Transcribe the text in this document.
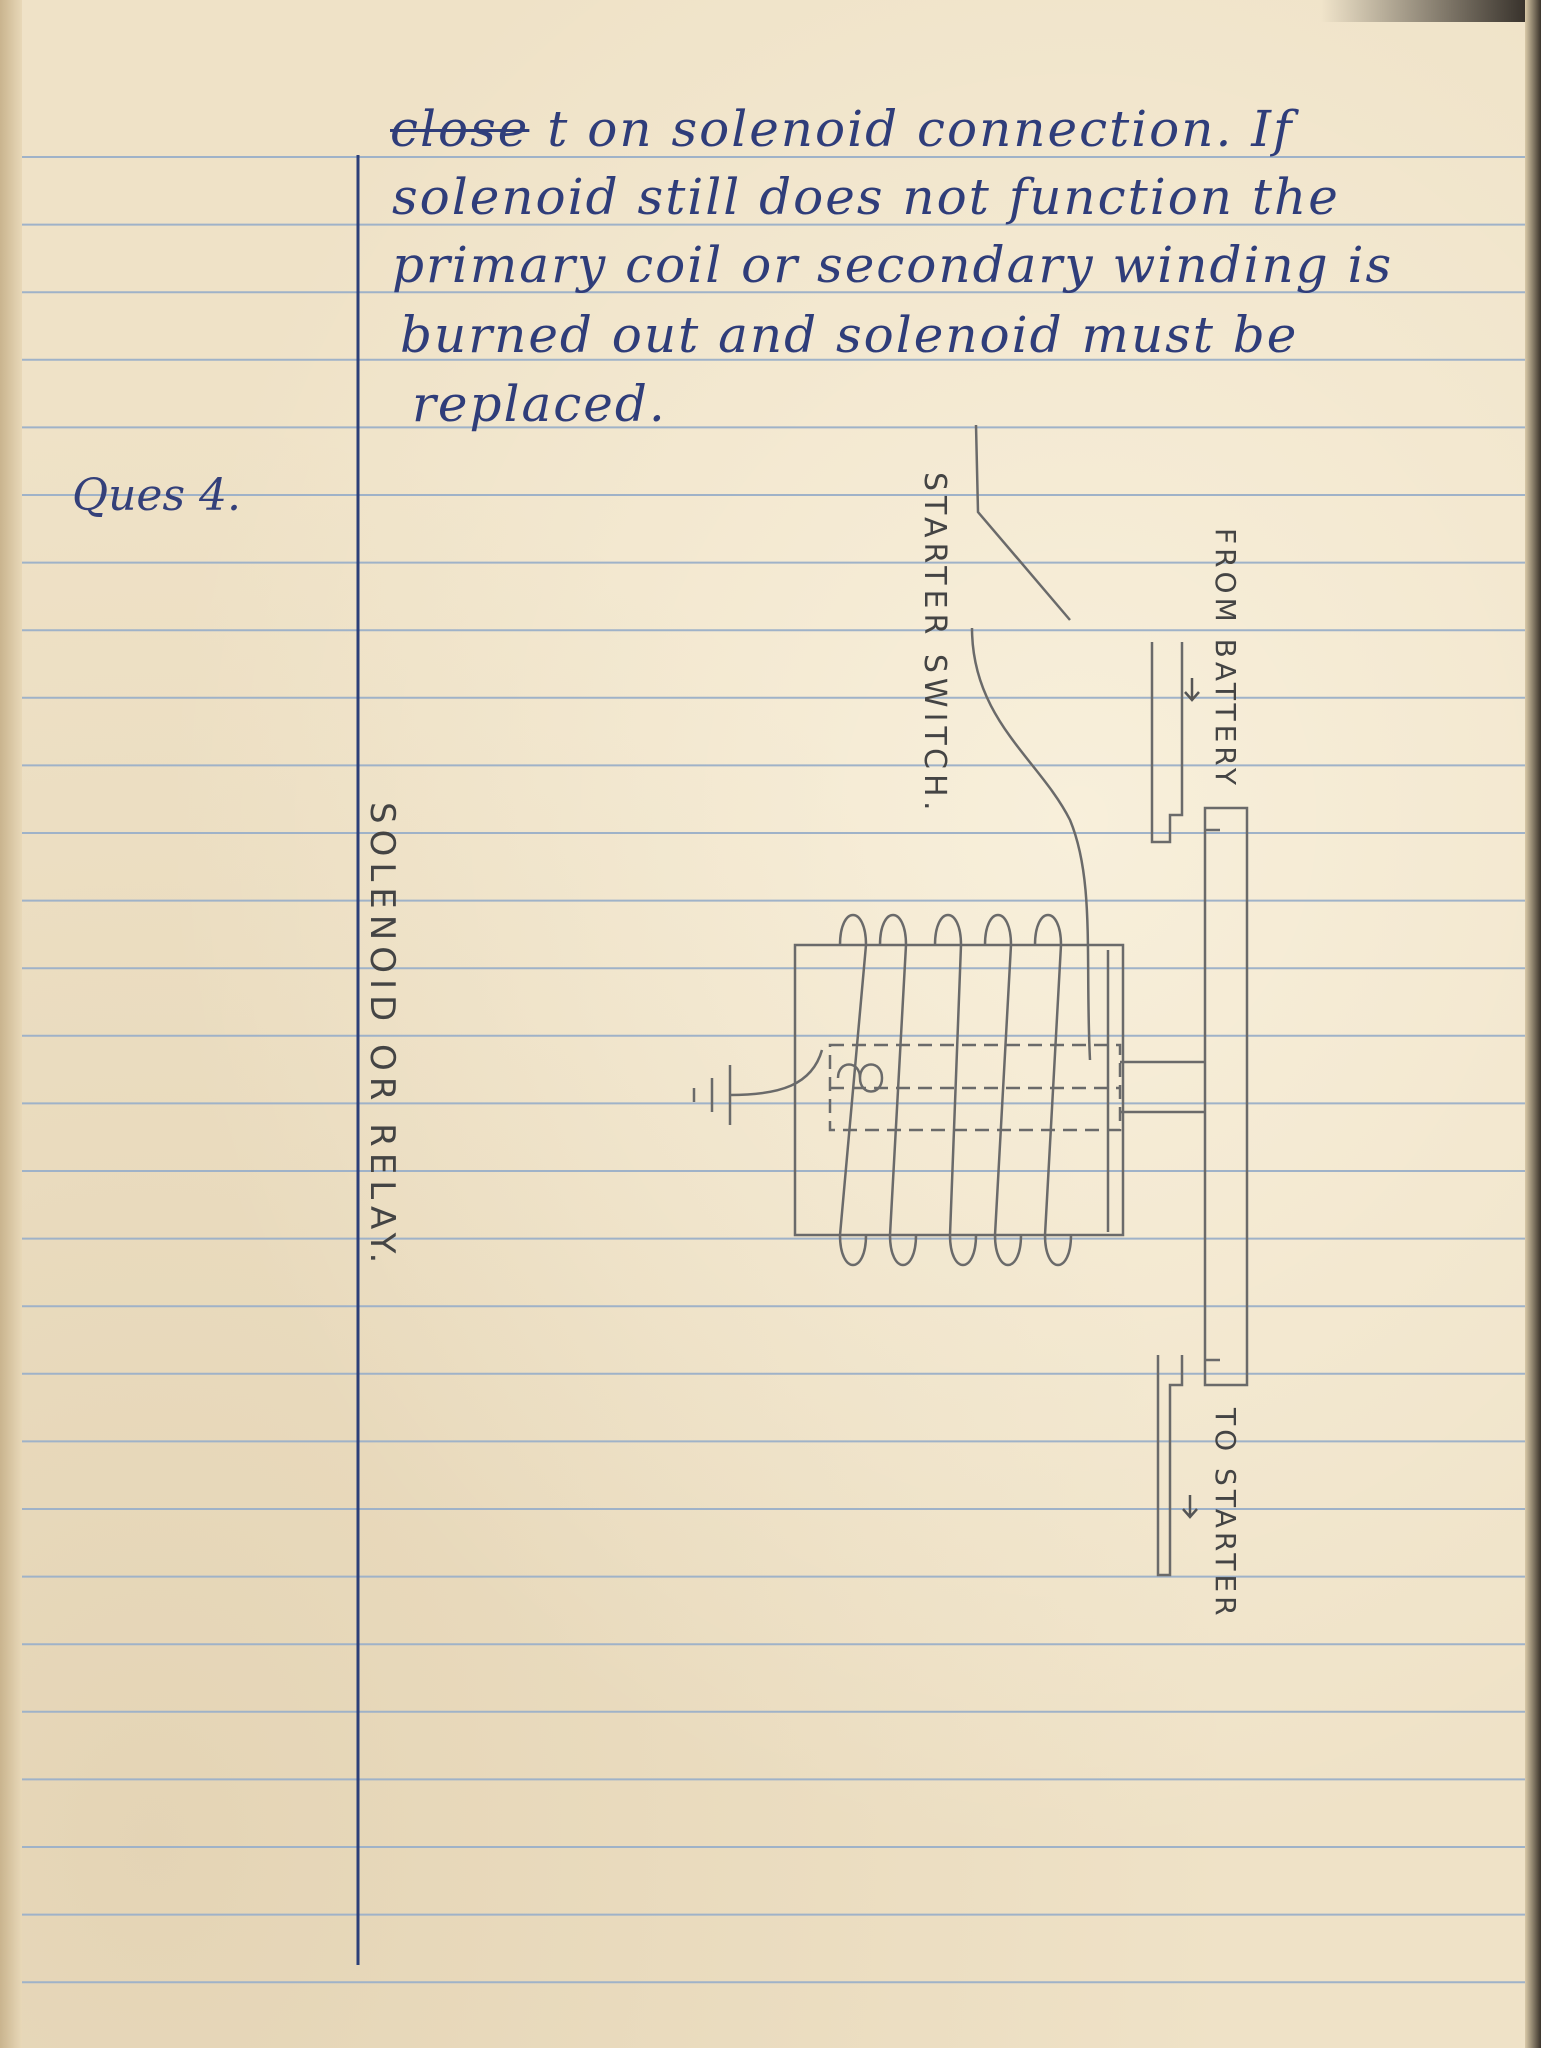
close t on solenoid connection. If
solenoid still does not function the
primary coil or secondary winding is
burned out and solenoid must be
replaced.
Ques 4.
SOLENOID OR RELAY.
STARTER SWITCH.	FROM BATTERY
TO STARTER
